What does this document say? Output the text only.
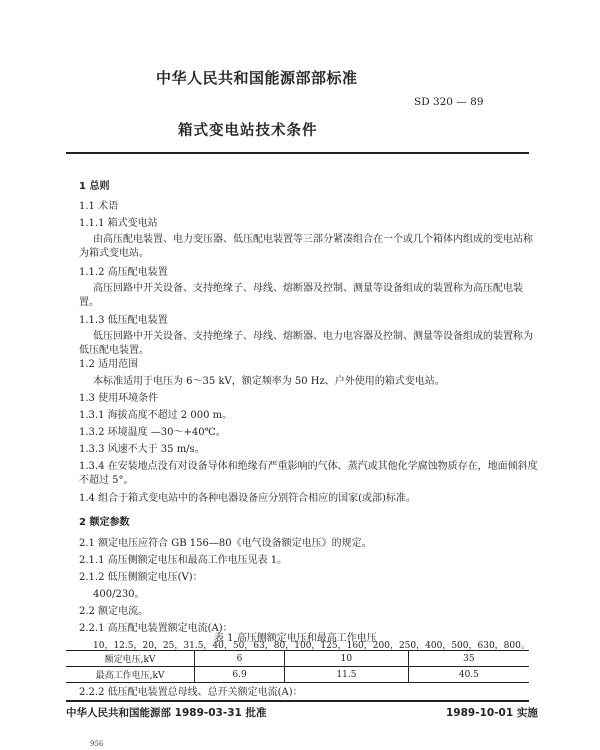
中华人民共和国能源部部标准
SD 320 — 89
箱式变电站技术条件
1 总则
1.1 术语
1.1.1 箱式变电站
由高压配电装置、电力变压器、低压配电装置等三部分紧凑组合在一个或几个箱体内组成的变电站称为箱式变电站。
1.1.2 高压配电装置
高压回路中开关设备、支持绝缘子、母线、熔断器及控制、测量等设备组成的装置称为高压配电装置。
1.1.3 低压配电装置
低压回路中开关设备、支持绝缘子、母线、熔断器、电力电容器及控制、测量等设备组成的装置称为低压配电装置。
1.2 适用范围
本标准适用于电压为 6～35 kV，额定频率为 50 Hz、户外使用的箱式变电站。
1.3 使用环境条件
1.3.1 海拔高度不超过 2 000 m。
1.3.2 环境温度 —30～+40℃。
1.3.3 风速不大于 35 m/s。
1.3.4 在安装地点没有对设备导体和绝缘有严重影响的气体、蒸汽或其他化学腐蚀物质存在，地面倾斜度不超过 5°。
1.4 组合于箱式变电站中的各种电器设备应分别符合相应的国家(或部)标准。
2 额定参数
2.1 额定电压应符合 GB 156—80《电气设备额定电压》的规定。
2.1.1 高压侧额定电压和最高工作电压见表 1。
2.1.2 低压侧额定电压(V)：
400/230。
2.2 额定电流。
2.2.1 高压配电装置额定电流(A)：
10，12.5，20，25，31.5，40，50，63，80，100，125，160，200，250，400，500，630，800。
表 1 高压侧额定电压和最高工作电压
额定电压,kV	6	10	35
最高工作电压,kV	6.9	11.5	40.5
2.2.2 低压配电装置总母线、总开关额定电流(A)：
中华人民共和国能源部 1989-03-31 批准	1989-10-01 实施
956
